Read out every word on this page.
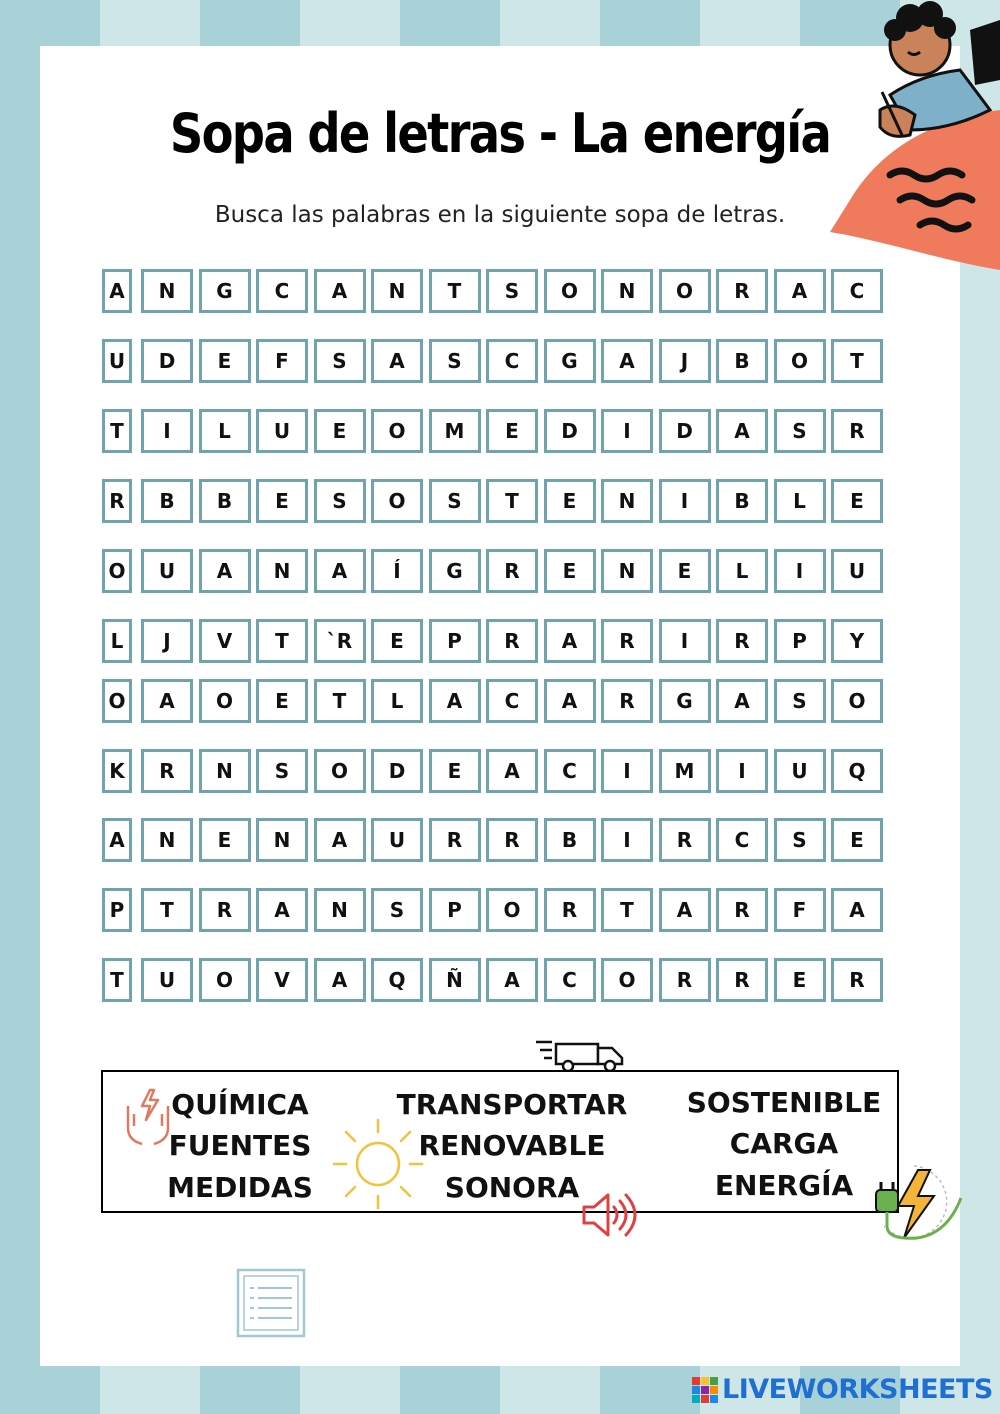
Sopa de letras - La energía

Busca las palabras en la siguiente sopa de letras.

A	N	G	C	A	N	T	S	O	N	O	R	A	C
U	D	E	F	S	A	S	C	G	A	J	B	O	T
T	I	L	U	E	O	M	E	D	I	D	A	S	R
R	B	B	E	S	O	S	T	E	N	I	B	L	E
O	U	A	N	A	Í	G	R	E	N	E	L	I	U
L	J	V	T	`R	E	P	R	A	R	I	R	P	Y
O	A	O	E	T	L	A	C	A	R	G	A	S	O
K	R	N	S	O	D	E	A	C	I	M	I	U	Q
A	N	E	N	A	U	R	R	B	I	R	C	S	E
P	T	R	A	N	S	P	O	R	T	A	R	F	A
T	U	O	V	A	Q	Ñ	A	C	O	R	R	E	R
QUÍMICA
FUENTES
MEDIDAS
TRANSPORTAR
RENOVABLE
SONORA
SOSTENIBLE
CARGA
ENERGÍA
LIVEWORKSHEETS
